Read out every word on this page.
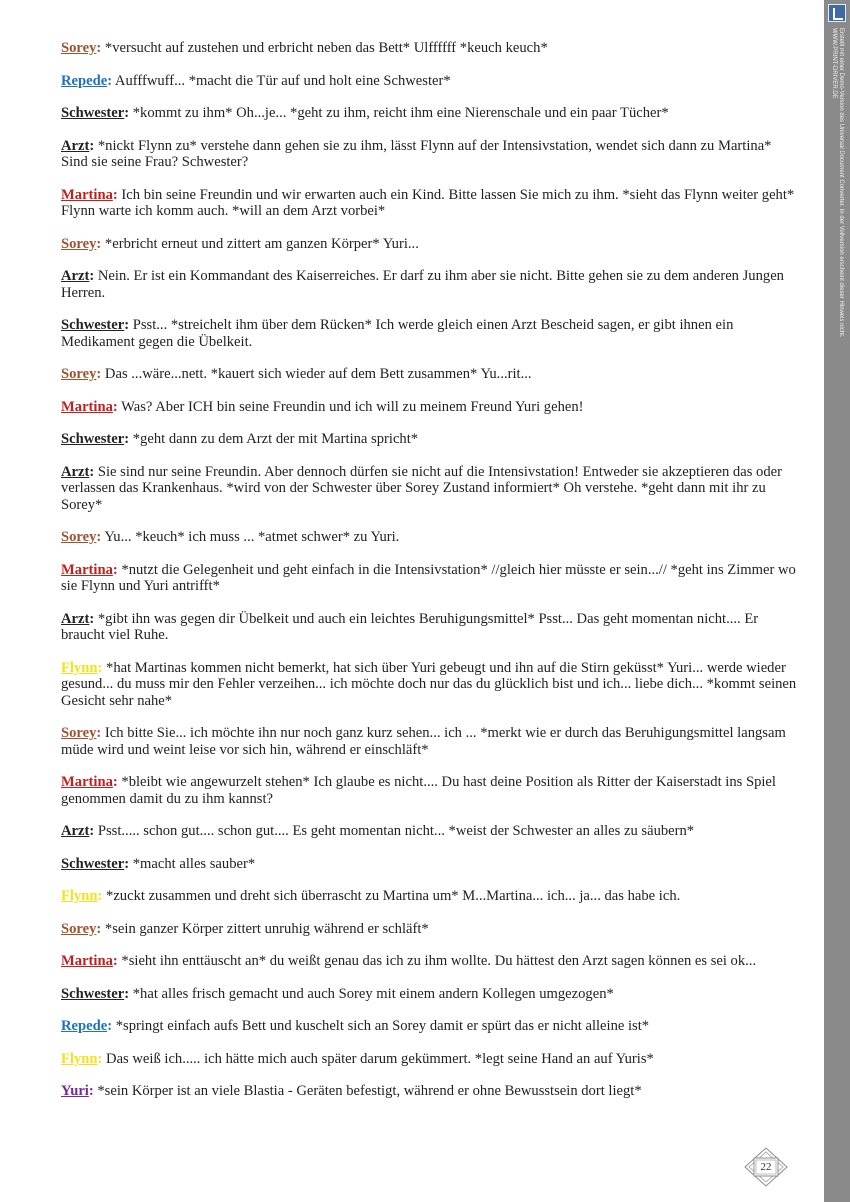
Sorey: *versucht auf zustehen und erbricht neben das Bett* Ulffffff *keuch keuch*

Repede: Aufffwuff... *macht die Tür auf und holt eine Schwester*

Schwester: *kommt zu ihm* Oh...je... *geht zu ihm, reicht ihm eine Nierenschale und ein paar Tücher*

Arzt: *nickt Flynn zu* verstehe dann gehen sie zu ihm, lässt Flynn auf der Intensivstation, wendet sich dann zu Martina* Sind sie seine Frau? Schwester?

Martina: Ich bin seine Freundin und wir erwarten auch ein Kind. Bitte lassen Sie mich zu ihm. *sieht das Flynn weiter geht* Flynn warte ich komm auch. *will an dem Arzt vorbei*

Sorey: *erbricht erneut und zittert am ganzen Körper* Yuri...

Arzt: Nein. Er ist ein Kommandant des Kaiserreiches. Er darf zu ihm aber sie nicht. Bitte gehen sie zu dem anderen Jungen Herren.

Schwester: Psst... *streichelt ihm über dem Rücken* Ich werde gleich einen Arzt Bescheid sagen, er gibt ihnen ein Medikament gegen die Übelkeit.

Sorey: Das ...wäre...nett. *kauert sich wieder auf dem Bett zusammen* Yu...rit...

Martina: Was? Aber ICH bin seine Freundin und ich will zu meinem Freund Yuri gehen!

Schwester: *geht dann zu dem Arzt der mit Martina spricht*

Arzt: Sie sind nur seine Freundin. Aber dennoch dürfen sie nicht auf die Intensivstation! Entweder sie akzeptieren das oder verlassen das Krankenhaus. *wird von der Schwester über Sorey Zustand informiert* Oh verstehe. *geht dann mit ihr zu Sorey*

Sorey: Yu... *keuch* ich muss ... *atmet schwer* zu Yuri.

Martina: *nutzt die Gelegenheit und geht einfach in die Intensivstation* //gleich hier müsste er sein...// *geht ins Zimmer wo sie Flynn und Yuri antrifft*

Arzt: *gibt ihn was gegen dir Übelkeit und auch ein leichtes Beruhigungsmittel* Psst... Das geht momentan nicht.... Er braucht viel Ruhe.

Flynn: *hat Martinas kommen nicht bemerkt, hat sich über Yuri gebeugt und ihn auf die Stirn geküsst* Yuri... werde wieder gesund... du muss mir den Fehler verzeihen... ich möchte doch nur das du glücklich bist und ich... liebe dich... *kommt seinen Gesicht sehr nahe*

Sorey: Ich bitte Sie... ich möchte ihn nur noch ganz kurz sehen... ich ... *merkt wie er durch das Beruhigungsmittel langsam müde wird und weint leise vor sich hin, während er einschläft*

Martina: *bleibt wie angewurzelt stehen* Ich glaube es nicht.... Du hast deine Position als Ritter der Kaiserstadt ins Spiel genommen damit du zu ihm kannst?

Arzt: Psst..... schon gut.... schon gut.... Es geht momentan nicht... *weist der Schwester an alles zu säubern*

Schwester: *macht alles sauber*

Flynn: *zuckt zusammen und dreht sich überrascht zu Martina um* M...Martina... ich... ja... das habe ich.

Sorey: *sein ganzer Körper zittert unruhig während er schläft*

Martina: *sieht ihn enttäuscht an* du weißt genau das ich zu ihm wollte. Du hättest den Arzt sagen können es sei ok...

Schwester: *hat alles frisch gemacht und auch Sorey mit einem andern Kollegen umgezogen*

Repede: *springt einfach aufs Bett und kuschelt sich an Sorey damit er spürt das er nicht alleine ist*

Flynn: Das weiß ich..... ich hätte mich auch später darum gekümmert. *legt seine Hand an auf Yuris*

Yuri: *sein Körper ist an viele Blastia - Geräten befestigt, während er ohne Bewusstsein dort liegt*

Erstellt mit einer Demo-Version des Universal Document Converter. In der Vollversion erscheint dieser Hinweis nicht.
WWW.PRINT-DRIVER.DE
22
